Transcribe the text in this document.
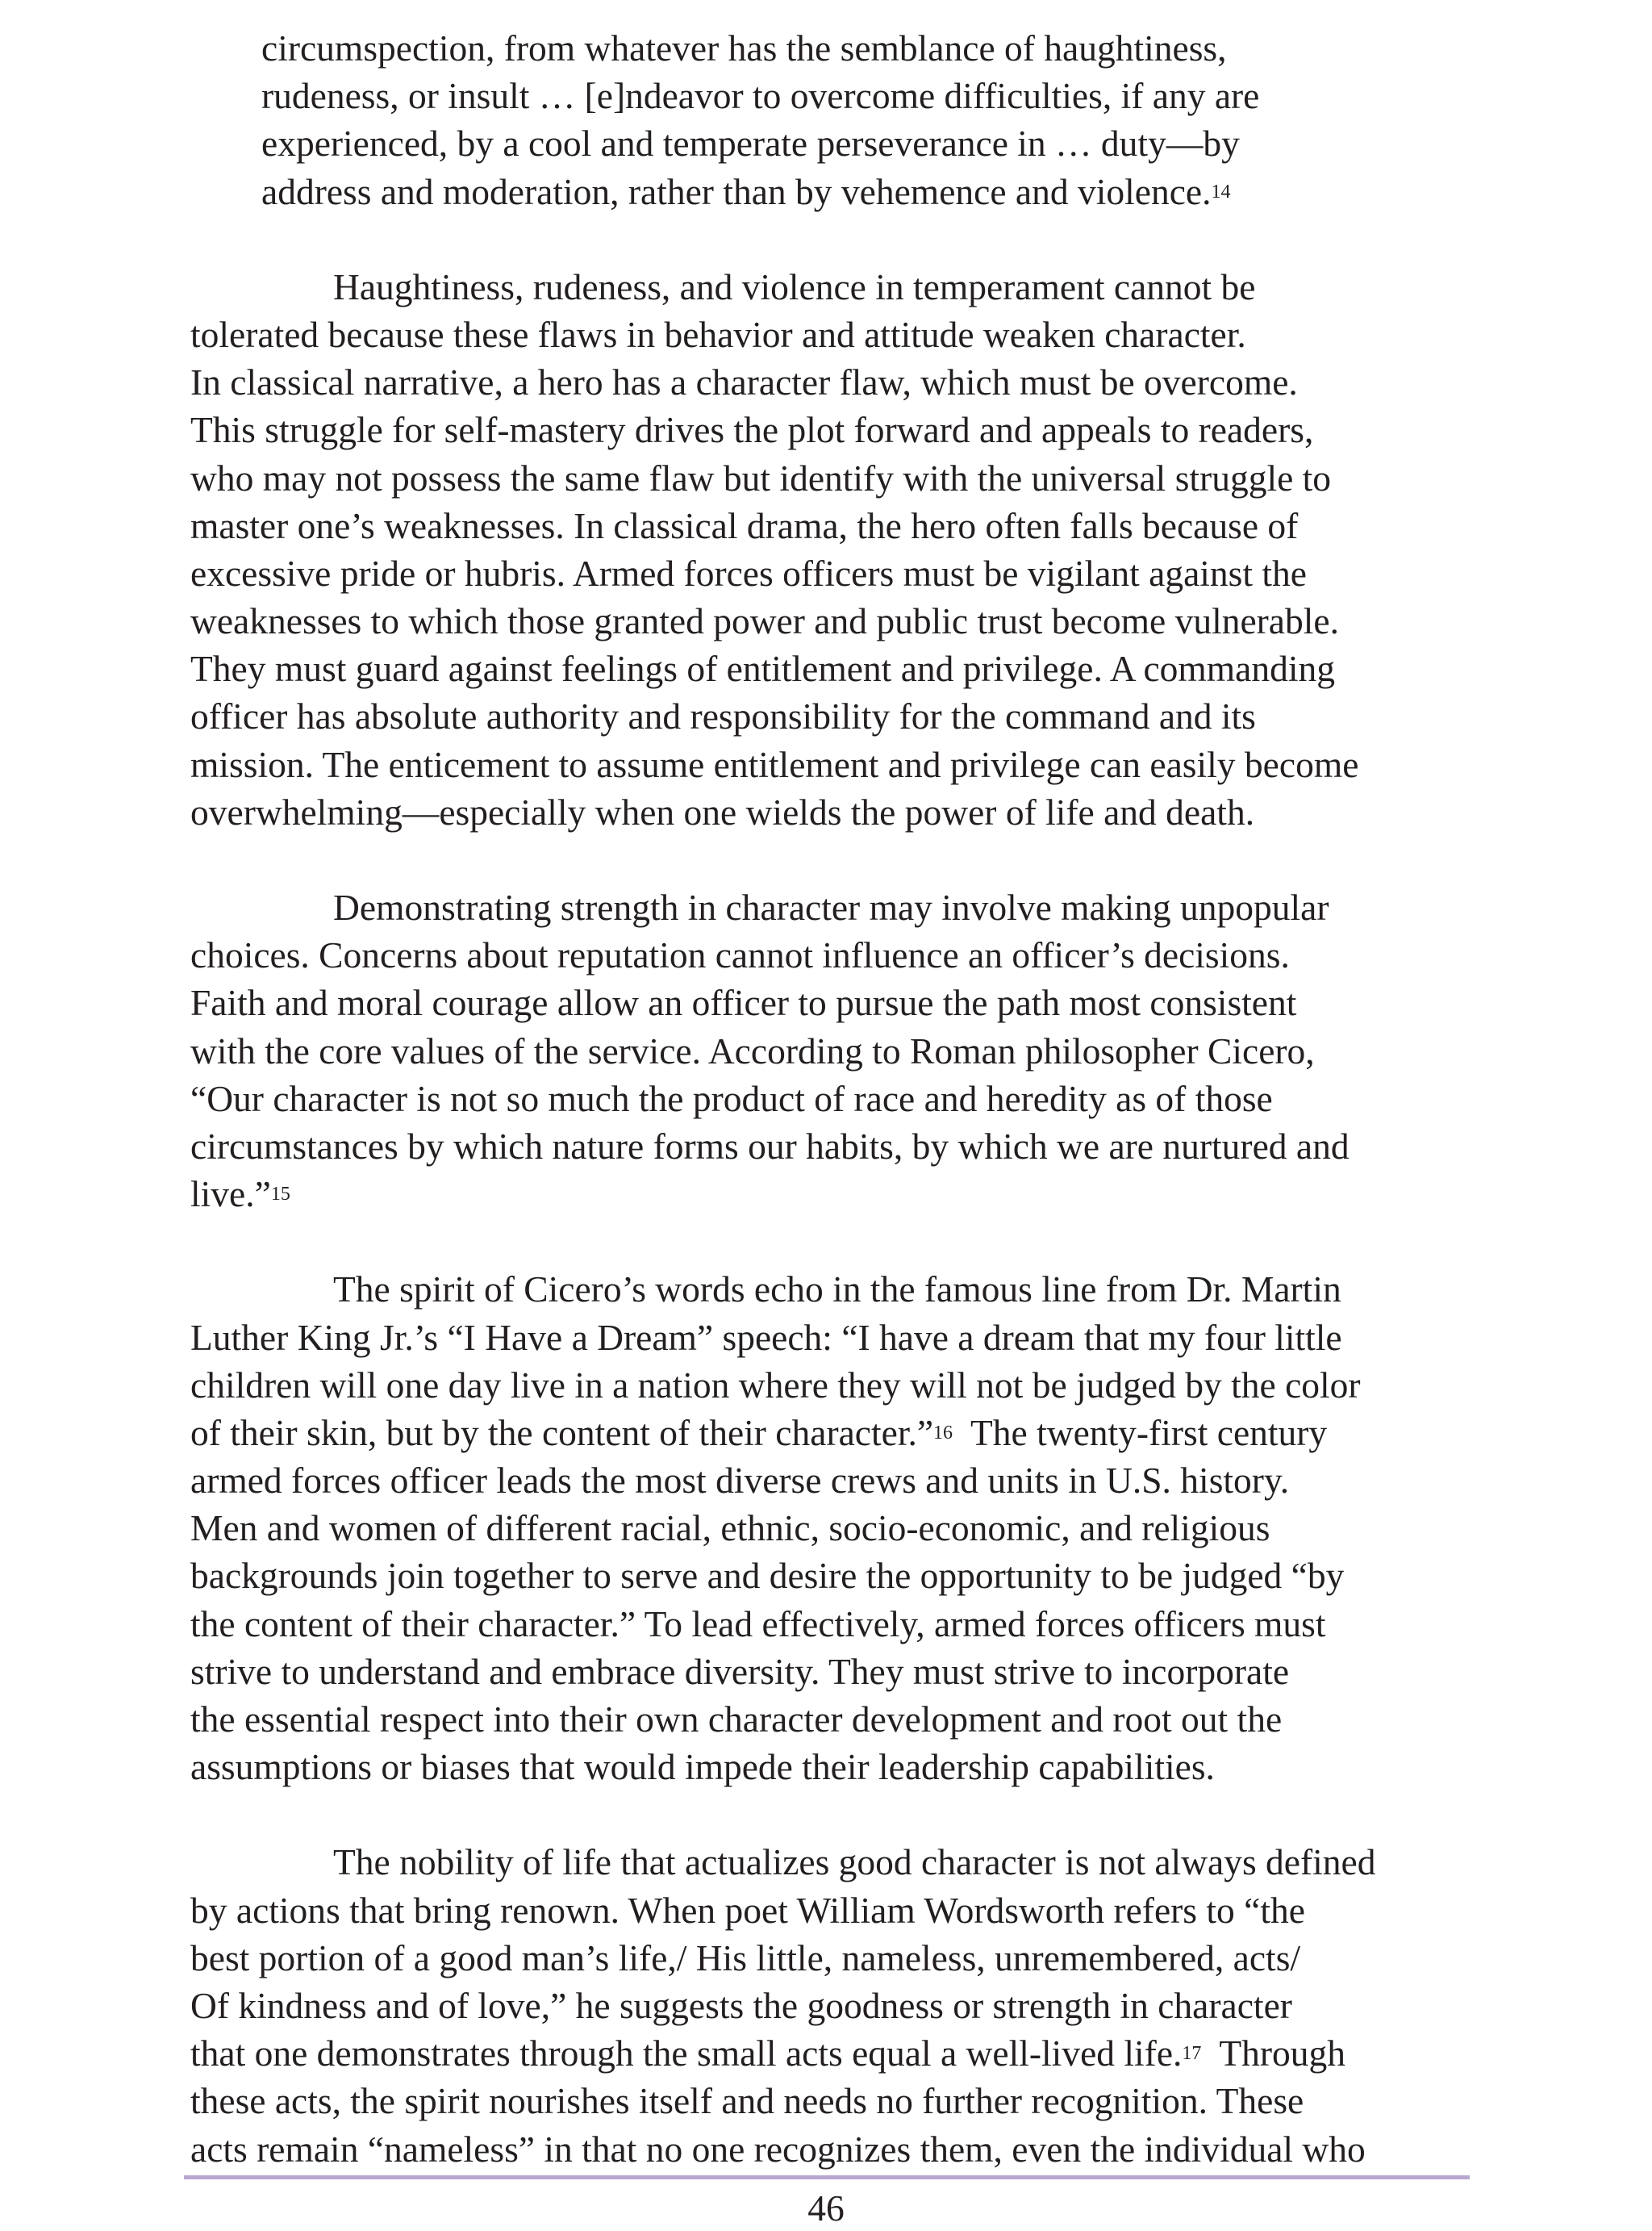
circumspection, from whatever has the semblance of haughtiness,
rudeness, or insult … [e]ndeavor to overcome difficulties, if any are
experienced, by a cool and temperate perseverance in … duty—by
address and moderation, rather than by vehemence and violence.$^{14}$
Haughtiness, rudeness, and violence in temperament cannot be
tolerated because these flaws in behavior and attitude weaken character.
In classical narrative, a hero has a character flaw, which must be overcome.
This struggle for self-mastery drives the plot forward and appeals to readers,
who may not possess the same flaw but identify with the universal struggle to
master one’s weaknesses. In classical drama, the hero often falls because of
excessive pride or hubris. Armed forces officers must be vigilant against the
weaknesses to which those granted power and public trust become vulnerable.
They must guard against feelings of entitlement and privilege. A commanding
officer has absolute authority and responsibility for the command and its
mission. The enticement to assume entitlement and privilege can easily become
overwhelming—especially when one wields the power of life and death.
Demonstrating strength in character may involve making unpopular
choices. Concerns about reputation cannot influence an officer’s decisions.
Faith and moral courage allow an officer to pursue the path most consistent
with the core values of the service. According to Roman philosopher Cicero,
“Our character is not so much the product of race and heredity as of those
circumstances by which nature forms our habits, by which we are nurtured and
live.”$^{15}$
The spirit of Cicero’s words echo in the famous line from Dr. Martin
Luther King Jr.’s “I Have a Dream” speech: “I have a dream that my four little
children will one day live in a nation where they will not be judged by the color
of their skin, but by the content of their character.”$^{16}$  The twenty-first century
armed forces officer leads the most diverse crews and units in U.S. history.
Men and women of different racial, ethnic, socio-economic, and religious
backgrounds join together to serve and desire the opportunity to be judged “by
the content of their character.” To lead effectively, armed forces officers must
strive to understand and embrace diversity. They must strive to incorporate
the essential respect into their own character development and root out the
assumptions or biases that would impede their leadership capabilities.
The nobility of life that actualizes good character is not always defined
by actions that bring renown. When poet William Wordsworth refers to “the
best portion of a good man’s life,/ His little, nameless, unremembered, acts/
Of kindness and of love,” he suggests the goodness or strength in character
that one demonstrates through the small acts equal a well-lived life.$^{17}$  Through
these acts, the spirit nourishes itself and needs no further recognition. These
acts remain “nameless” in that no one recognizes them, even the individual who
46
